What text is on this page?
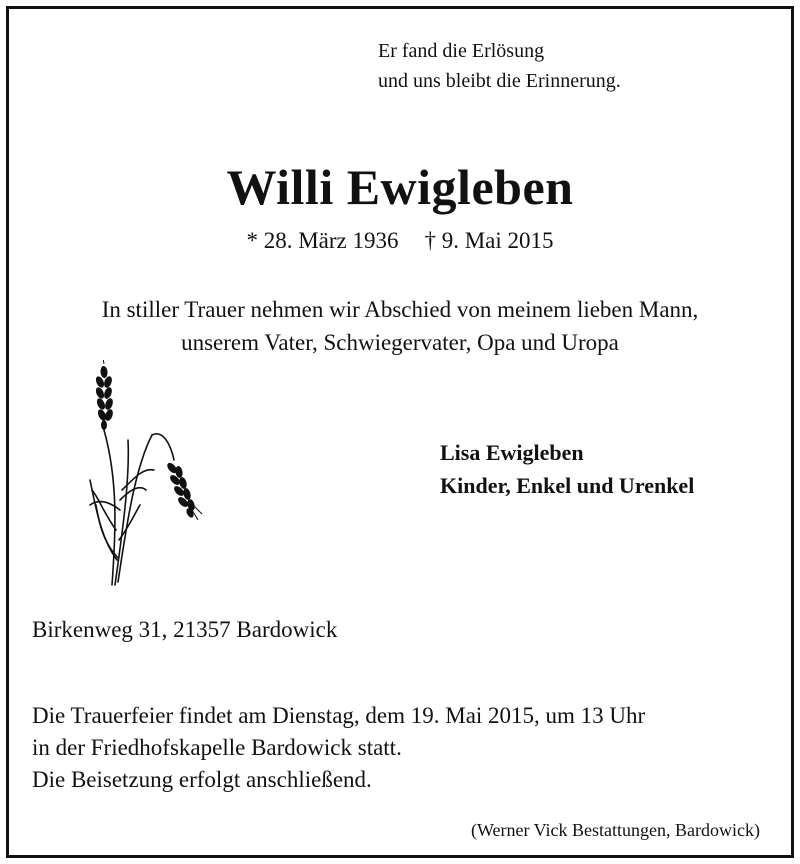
Er fand die Erlösung
und uns bleibt die Erinnerung.
Willi Ewigleben
* 28. März 1936 † 9. Mai 2015
In stiller Trauer nehmen wir Abschied von meinem lieben Mann,
unserem Vater, Schwiegervater, Opa und Uropa
Lisa Ewigleben
Kinder, Enkel und Urenkel
Birkenweg 31, 21357 Bardowick
Die Trauerfeier findet am Dienstag, dem 19. Mai 2015, um 13 Uhr
in der Friedhofskapelle Bardowick statt.
Die Beisetzung erfolgt anschließend.
(Werner Vick Bestattungen, Bardowick)
